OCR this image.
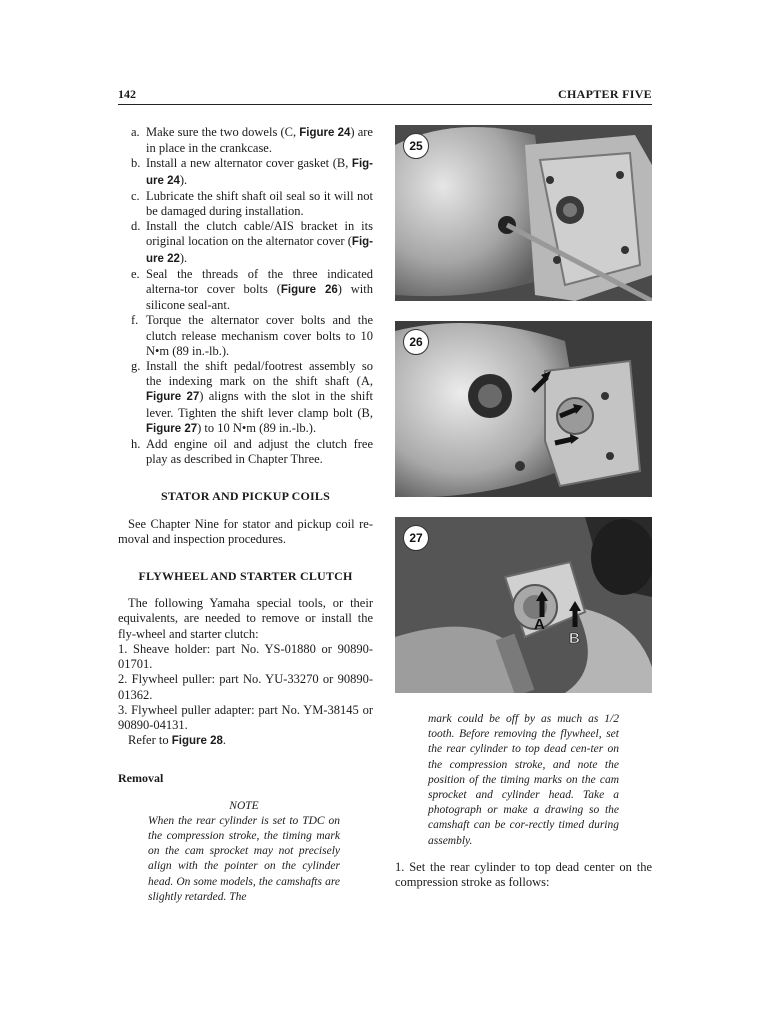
142	CHAPTER FIVE
a. Make sure the two dowels (C, Figure 24) are in place in the crankcase.
b. Install a new alternator cover gasket (B, Fig-ure 24).
c. Lubricate the shift shaft oil seal so it will not be damaged during installation.
d. Install the clutch cable/AIS bracket in its original location on the alternator cover (Fig-ure 22).
e. Seal the threads of the three indicated alterna-tor cover bolts (Figure 26) with silicone seal-ant.
f. Torque the alternator cover bolts and the clutch release mechanism cover bolts to 10 N•m (89 in.-lb.).
g. Install the shift pedal/footrest assembly so the indexing mark on the shift shaft (A, Figure 27) aligns with the slot in the shift lever. Tighten the shift lever clamp bolt (B, Figure 27) to 10 N•m (89 in.-lb.).
h. Add engine oil and adjust the clutch free play as described in Chapter Three.
STATOR AND PICKUP COILS

See Chapter Nine for stator and pickup coil re-moval and inspection procedures.

FLYWHEEL AND STARTER CLUTCH

The following Yamaha special tools, or their equivalents, are needed to remove or install the fly-wheel and starter clutch:

1. Sheave holder: part No. YS-01880 or 90890-01701.

2. Flywheel puller: part No. YU-33270 or 90890-01362.

3. Flywheel puller adapter: part No. YM-38145 or 90890-04131.

Refer to Figure 28.

Removal

NOTE
When the rear cylinder is set to TDC on the compression stroke, the timing mark on the cam sprocket may not precisely align with the pointer on the cylinder head. On some models, the camshafts are slightly retarded. The
25
26
A
B
27
mark could be off by as much as 1/2 tooth. Before removing the flywheel, set the rear cylinder to top dead cen-ter on the compression stroke, and note the position of the timing marks on the cam sprocket and cylinder head. Take a photograph or make a drawing so the camshaft can be cor-rectly timed during assembly.
1. Set the rear cylinder to top dead center on the compression stroke as follows:
